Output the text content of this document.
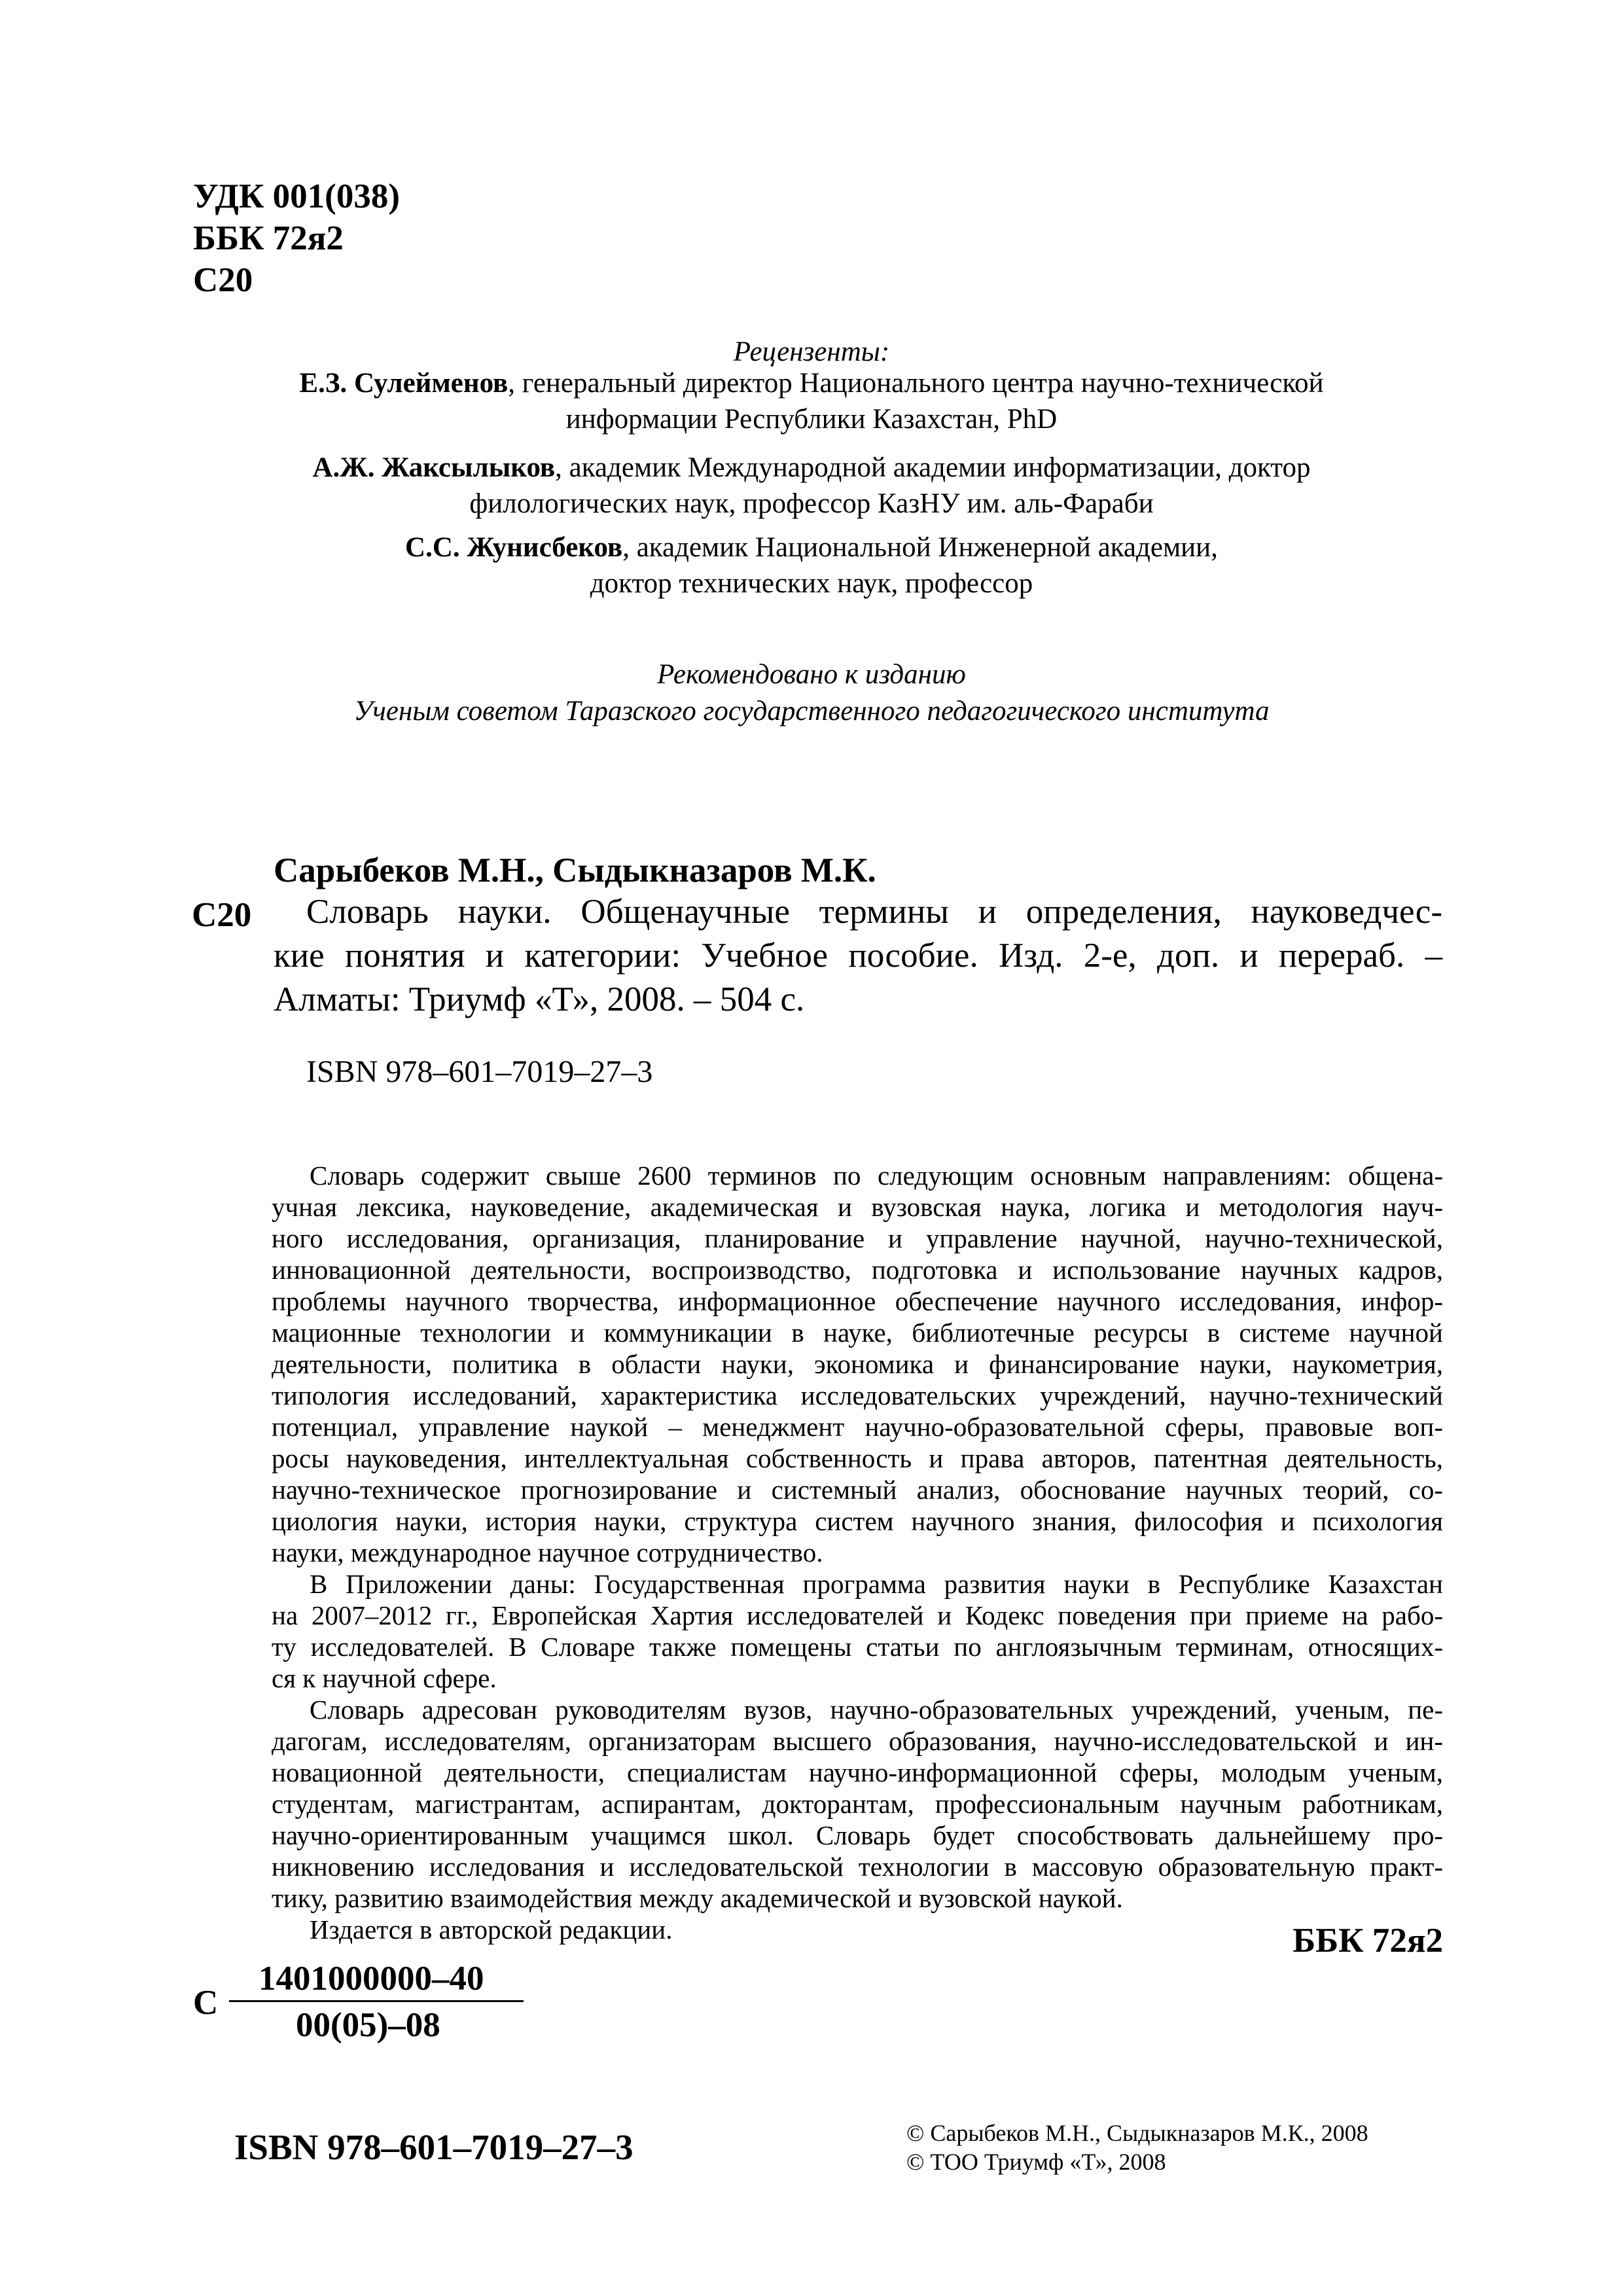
УДК 001(038)
ББК 72я2
С20
Рецензенты:
Е.З. Сулейменов, генеральный директор Национального центра научно-технической
информации Республики Казахстан, PhD
А.Ж. Жаксылыков, академик Международной академии информатизации, доктор
филологических наук, профессор КазНУ им. аль-Фараби
С.С. Жунисбеков, академик Национальной Инженерной академии,
доктор технических наук, профессор
Рекомендовано к изданию
Ученым советом Таразского государственного педагогического института
Сарыбеков М.Н., Сыдыкназаров М.К.
С20	Словарь науки. Общенаучные термины и определения, науковедчес-
кие понятия и категории: Учебное пособие. Изд. 2-е, доп. и перераб. –
Алматы: Триумф «Т», 2008. – 504 с.
ISBN 978–601–7019–27–3
Словарь содержит свыше 2600 терминов по следующим основным направлениям: общена-
учная лексика, науковедение, академическая и вузовская наука, логика и методология науч-
ного исследования, организация, планирование и управление научной, научно-технической,
инновационной деятельности, воспроизводство, подготовка и использование научных кадров,
проблемы научного творчества, информационное обеспечение научного исследования, инфор-
мационные технологии и коммуникации в науке, библиотечные ресурсы в системе научной
деятельности, политика в области науки, экономика и финансирование науки, наукометрия,
типология исследований, характеристика исследовательских учреждений, научно-технический
потенциал, управление наукой – менеджмент научно-образовательной сферы, правовые воп-
росы науковедения, интеллектуальная собственность и права авторов, патентная деятельность,
научно-техническое прогнозирование и системный анализ, обоснование научных теорий, со-
циология науки, история науки, структура систем научного знания, философия и психология
науки, международное научное сотрудничество.
В Приложении даны: Государственная программа развития науки в Республике Казахстан
на 2007–2012 гг., Европейская Хартия исследователей и Кодекс поведения при приеме на рабо-
ту исследователей. В Словаре также помещены статьи по англоязычным терминам, относящих-
ся к научной сфере.
Словарь адресован руководителям вузов, научно-образовательных учреждений, ученым, пе-
дагогам, исследователям, организаторам высшего образования, научно-исследовательской и ин-
новационной деятельности, специалистам научно-информационной сферы, молодым ученым,
студентам, магистрантам, аспирантам, докторантам, профессиональным научным работникам,
научно-ориентированным учащимся школ. Словарь будет способствовать дальнейшему про-
никновению исследования и исследовательской технологии в массовую образовательную практ-
тику, развитию взаимодействия между академической и вузовской наукой.
Издается в авторской редакции.	ББК 72я2
С
1401000000–40
00(05)–08
ISBN 978–601–7019–27–3	© Сарыбеков М.Н., Сыдыкназаров М.К., 2008
© ТОО Триумф «Т», 2008
